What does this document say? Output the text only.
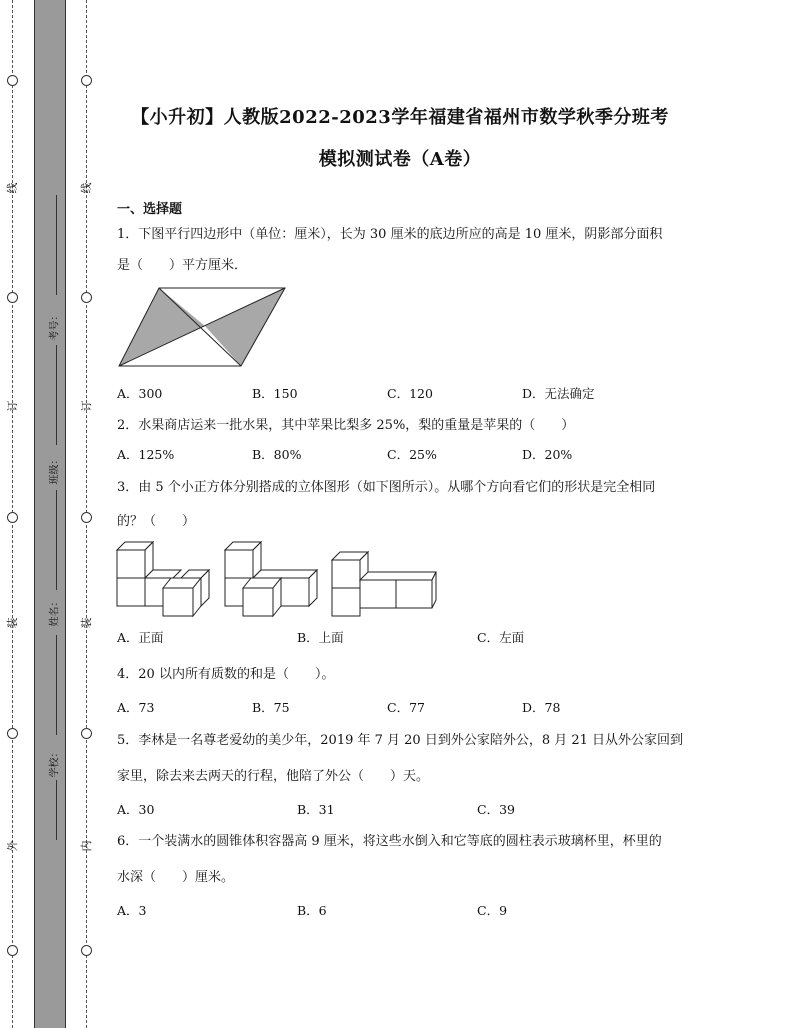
线
订
装
外
线
订
装
内
考号：
班级：
姓名：
学校：
【小升初】人教版2022-2023学年福建省福州市数学秋季分班考
模拟测试卷（A卷）
一、选择题
1．下图平行四边形中（单位：厘米），长为 30 厘米的底边所应的高是 10 厘米，阴影部分面积
是（　　）平方厘米．
A．300	B．150	C．120	D．无法确定
2．水果商店运来一批水果，其中苹果比梨多 25%，梨的重量是苹果的（　　）
A．125%	B．80%	C．25%	D．20%
3．由 5 个小正方体分别搭成的立体图形（如下图所示）。从哪个方向看它们的形状是完全相同
的？（　　）
A．正面	B．上面	C．左面
4．20 以内所有质数的和是（　　）。
A．73	B．75	C．77	D．78
5．李林是一名尊老爱幼的美少年，2019 年 7 月 20 日到外公家陪外公，8 月 21 日从外公家回到
家里，除去来去两天的行程，他陪了外公（　　）天。
A．30	B．31	C．39
6．一个装满水的圆锥体积容器高 9 厘米，将这些水倒入和它等底的圆柱表示玻璃杯里，杯里的
水深（　　）厘米。
A．3	B．6	C．9
